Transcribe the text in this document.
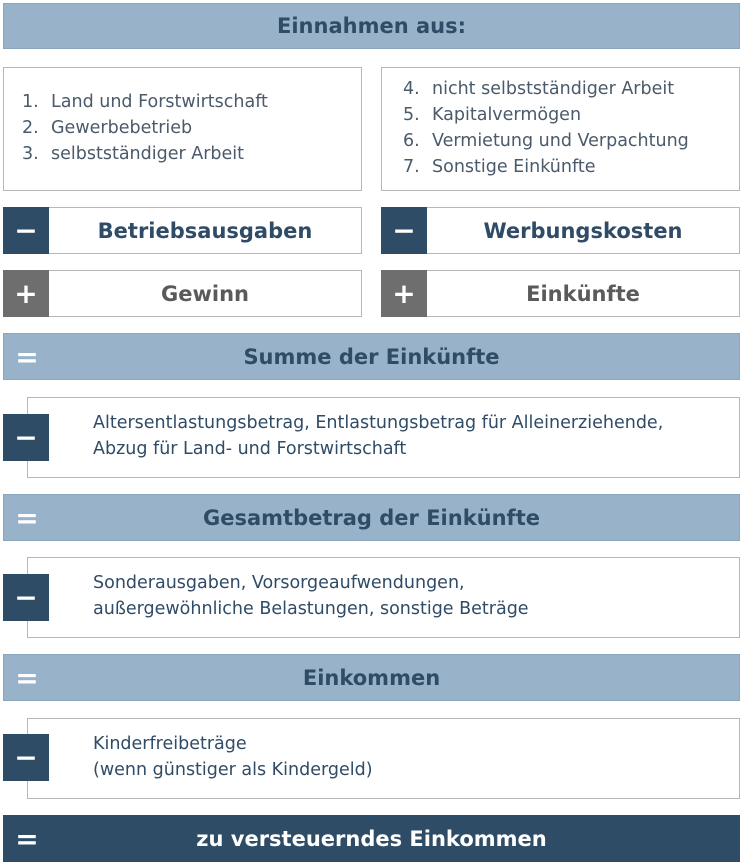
Einnahmen aus:
1. Land und Forstwirtschaft
2. Gewerbebetrieb
3. selbstständiger Arbeit
4. nicht selbstständiger Arbeit
5. Kapitalvermögen
6. Vermietung und Verpachtung
7. Sonstige Einkünfte
−	Betriebsausgaben	−	Werbungskosten
+	Gewinn	+	Einkünfte
=	Summe der Einkünfte
Altersentlastungsbetrag, Entlastungsbetrag für Alleinerziehende,
Abzug für Land- und Forstwirtschaft
−
=	Gesamtbetrag der Einkünfte
Sonderausgaben, Vorsorgeaufwendungen,
außergewöhnliche Belastungen, sonstige Beträge
−
=	Einkommen
Kinderfreibeträge
(wenn günstiger als Kindergeld)
−
=	zu versteuerndes Einkommen
